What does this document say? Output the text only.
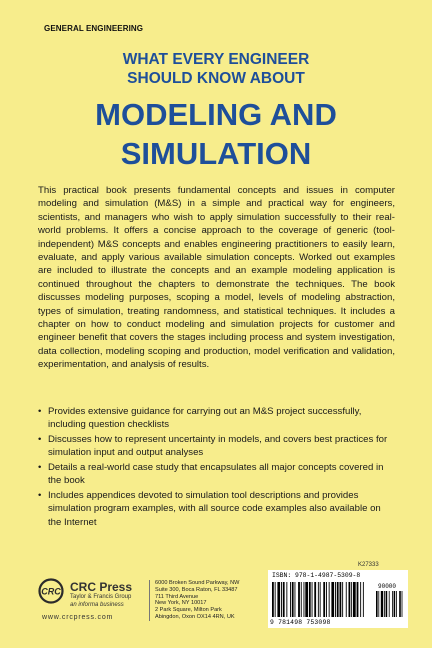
GENERAL ENGINEERING
WHAT EVERY ENGINEER
SHOULD KNOW ABOUT
MODELING AND
SIMULATION

This practical book presents fundamental concepts and issues in computer modeling and simulation (M&S) in a simple and practical way for engineers, scientists, and managers who wish to apply simulation successfully to their real-world problems. It offers a concise approach to the coverage of generic (tool-independent) M&S concepts and enables engineering practitioners to easily learn, evaluate, and apply various available simulation concepts. Worked out examples are included to illustrate the concepts and an example modeling application is continued throughout the chapters to demonstrate the techniques. The book discusses modeling purposes, scoping a model, levels of modeling abstraction, types of simulation, treating randomness, and statistical techniques. It includes a chapter on how to conduct modeling and simulation projects for customer and engineer benefit that covers the stages including process and system investigation, data collection, modeling scoping and production, model verification and validation, experimentation, and analysis of results.

• Provides extensive guidance for carrying out an M&S project successfully, including question checklists
• Discusses how to represent uncertainty in models, and covers best practices for simulation input and output analyses
• Details a real-world case study that encapsulates all major concepts covered in the book
• Includes appendices devoted to simulation tool descriptions and provides simulation program examples, with all source code examples also available on the Internet
K27333
CRC CRC Press
Taylor & Francis Group
an informa business
www.crcpress.com
6000 Broken Sound Parkway, NW
Suite 300, Boca Raton, FL 33487
711 Third Avenue
New York, NY 10017
2 Park Square, Milton Park
Abingdon, Oxon OX14 4RN, UK
ISBN: 978-1-4987-5309-8
90000
9 781498 753098
